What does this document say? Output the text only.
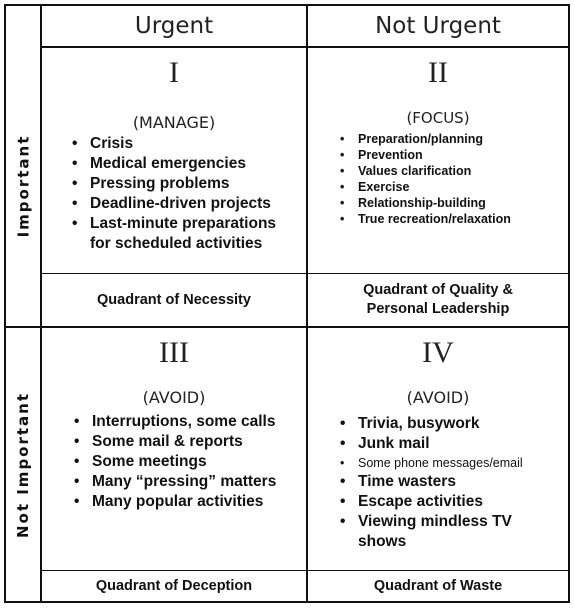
Urgent	Not Urgent
Important
Not Important
I
(MANAGE)
• Crisis
• Medical emergencies
• Pressing problems
• Deadline-driven projects
• Last-minute preparations
for scheduled activities
Quadrant of Necessity
II
(FOCUS)
• Preparation/planning
• Prevention
• Values clarification
• Exercise
• Relationship-building
• True recreation/relaxation
Quadrant of Quality &
Personal Leadership
III
(AVOID)
• Interruptions, some calls
• Some mail & reports
• Some meetings
• Many “pressing” matters
• Many popular activities
Quadrant of Deception
IV
(AVOID)
• Trivia, busywork
• Junk mail
• Some phone messages/email
• Time wasters
• Escape activities
• Viewing mindless TV
shows
Quadrant of Waste
